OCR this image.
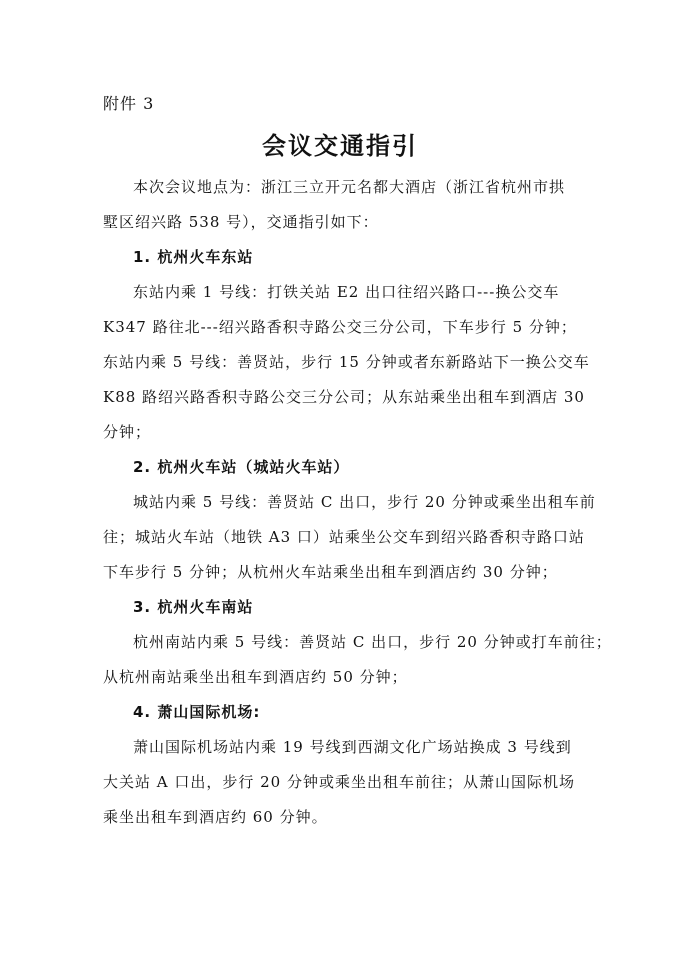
附件 3
会议交通指引
本次会议地点为：浙江三立开元名都大酒店（浙江省杭州市拱
墅区绍兴路 538 号），交通指引如下：
1. 杭州火车东站
东站内乘 1 号线：打铁关站 E2 出口往绍兴路口---换公交车
K347 路往北---绍兴路香积寺路公交三分公司，下车步行 5 分钟；
东站内乘 5 号线：善贤站，步行 15 分钟或者东新路站下一换公交车
K88 路绍兴路香积寺路公交三分公司；从东站乘坐出租车到酒店 30
分钟；
2. 杭州火车站（城站火车站）
城站内乘 5 号线：善贤站 C 出口，步行 20 分钟或乘坐出租车前
往；城站火车站（地铁 A3 口）站乘坐公交车到绍兴路香积寺路口站
下车步行 5 分钟；从杭州火车站乘坐出租车到酒店约 30 分钟；
3. 杭州火车南站
杭州南站内乘 5 号线：善贤站 C 出口，步行 20 分钟或打车前往；
从杭州南站乘坐出租车到酒店约 50 分钟；
4. 萧山国际机场:
萧山国际机场站内乘 19 号线到西湖文化广场站换成 3 号线到
大关站 A 口出，步行 20 分钟或乘坐出租车前往；从萧山国际机场
乘坐出租车到酒店约 60 分钟。
